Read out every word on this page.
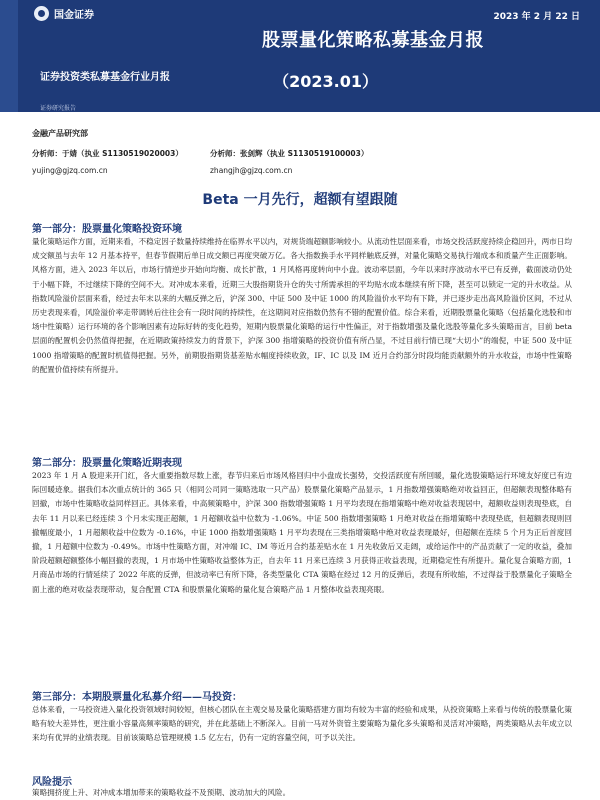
国金证券	2023 年 2 月 22 日
股票量化策略私募基金月报
（2023.01）
证券投资类私募基金行业月报
证券研究报告
金融产品研究部
分析师：于婧（执业 S1130519020003）
yujing@gjzq.com.cn
分析师：张剑辉（执业 S1130519100003）
zhangjh@gjzq.com.cn
Beta 一月先行，超额有望跟随
第一部分：股票量化策略投资环境

量化策略运作方面，近期来看，不稳定因子数量持续维持在临界水平以内，对规货端超额影响较小。从流动性层面来看，市场交投活跃度持续企稳回升，两市日均成交额虽与去年 12 月基本持平，但春节假期后单日成交额已再度突破万亿。各大指数换手水平同样触底反弹，对量化策略交易执行端成本和质量产生正面影响。风格方面，进入 2023 年以后，市场行情逆步开始向均衡、成长扩散，1 月风格再度转向中小盘。波动率层面，今年以来时序波动水平已有反弹，截面波动仍处于小幅下降，不过继续下降的空间不大。对冲成本来看，近期三大股指期货升仓的失寸所需承担的平均贴水成本继续有所下降，甚至可以锁定一定的升水收益。从指数风险溢价层面来看，经过去年末以来的大幅反弹之后，沪深 300、中证 500 及中证 1000 的风险溢价水平均有下降，并已逐步走出高风险溢价区间，不过从历史表现来看，风险溢价率走带调转后往往会有一段时间的持续性，在这期间对应指数仍然有不错的配置价值。综合来看，近期股票量化策略（包括量化选股和市场中性策略）运行环境的各个影响因素有边际好转的变化趋势，短期内股票量化策略的运行中性偏正，对于指数增强及量化选股等量化多头策略而言，目前 beta 层面的配置机会仍然值得把握，在近期政策持续发力的背景下，沪深 300 指增策略的投资价值有所凸显，不过目前行情已现“大切小”的端倪，中证 500 及中证 1000 指增策略的配置时机值得把握。另外，前期股指期货基差贴水幅度持续收敛，IF、IC 以及 IM 近月合约部分时段均能贡献额外的升水收益，市场中性策略的配置价值持续有所提升。

第二部分：股票量化策略近期表现

2023 年 1 月 A 股迎来开门红，各大重要指数尽数上涨，春节归来后市场风格回归中小盘成长强势，交投活跃度有所回暖，量化选股策略运行环境友好度已有边际回暖迹象。据我们本次重点统计的 365 只（相同公司同一策略选取一只产品）股票量化策略产品显示，1 月指数增强策略绝对收益回正，但超额表现整体略有回撤，市场中性策略收益同样回正。具体来看，中高频策略中，沪深 300 指数增强策略 1 月平均表现在指增策略中绝对收益表现居中，超额收益则表现垫底，自去年 11 月以来已经连续 3 个月未实现正超额，1 月超额收益中位数为 -1.06%。中证 500 指数增强策略 1 月绝对收益在指增策略中表现垫底，但超额表现则回撤幅度最小，1 月超额收益中位数为 -0.16%，中证 1000 指数增强策略 1 月平均表现在三类指增策略中绝对收益表现最好，但超额在连续 5 个月为正后首度回撤，1 月超额中位数为 -0.49%。市场中性策略方面，对冲端 IC、IM 等近月合约基差贴水在 1 月先收敛后又走阔，或给运作中的产品贡献了一定的收益，叠加阶段超额超额整体小幅回撤的表现，1 月市场中性策略收益整体为正，自去年 11 月来已连续 3 月获得正收益表现，近期稳定性有所提升。量化复合策略方面，1 月商品市场的行情延续了 2022 年底的反弹，但波动率已有所下降，各类型量化 CTA 策略在经过 12 月的反弹后，表现有所收缩，不过得益于股票量化子策略全面上涨的绝对收益表现带动，复合配置 CTA 和股票量化策略的量化复合策略产品 1 月整体收益表现亮眼。

第三部分：本期股票量化私募介绍——马投资：

总体来看，一马投资进入量化投资领域时间较短，但核心团队在主观交易及量化策略搭建方面均有较为丰富的经验和成果，从投资策略上来看与传统的股票量化策略有较大差异性，更注重小容量高频率策略的研究，并在此基础上不断深入。目前一马对外资管主要策略为量化多头策略和灵活对冲策略，两类策略从去年成立以来均有优异的业绩表现。目前该策略总管理规模 1.5 亿左右，仍有一定的容量空间，可予以关注。

风险提示

策略拥挤度上升、对冲成本增加带来的策略收益不及预期、波动加大的风险。
